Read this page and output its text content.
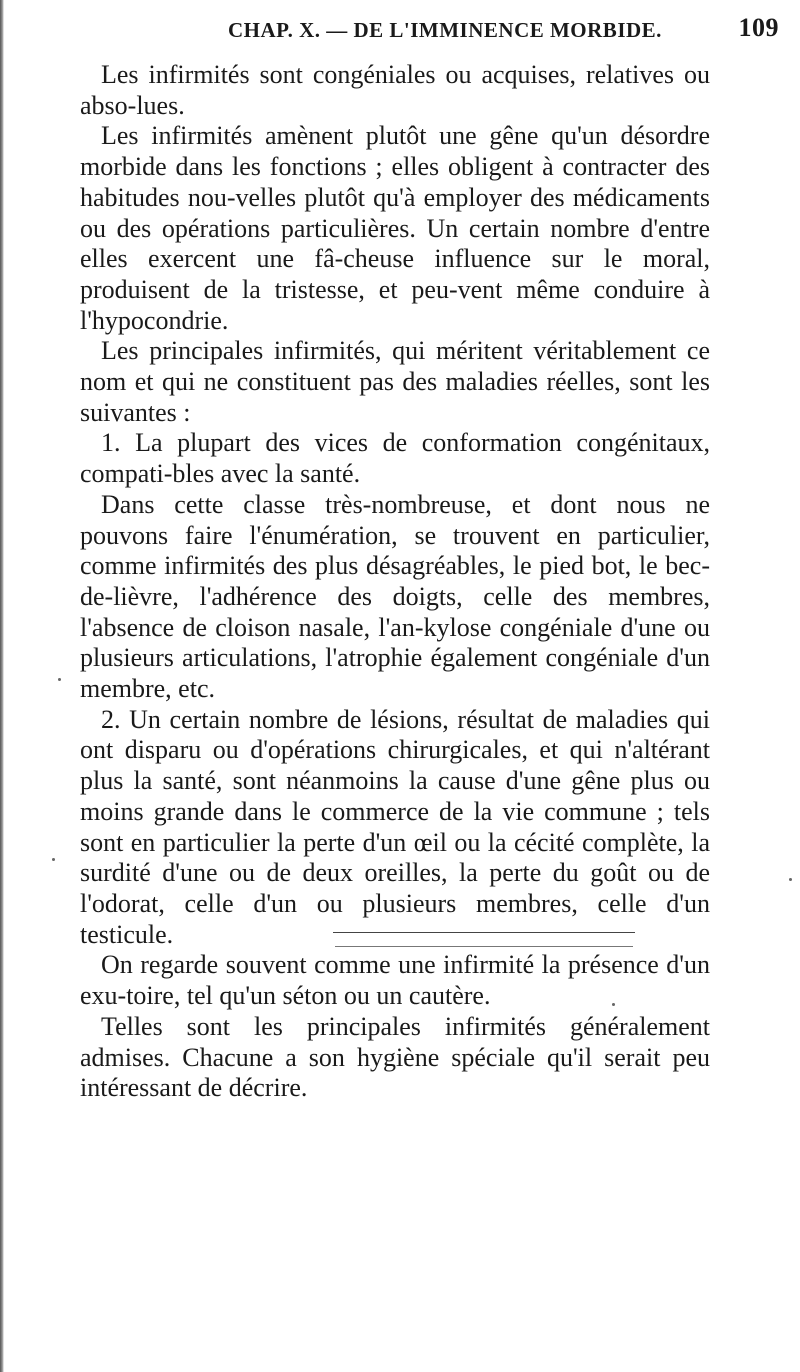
CHAP. X. — DE L'IMMINENCE MORBIDE.	109

Les infirmités sont congéniales ou acquises, relatives ou abso-lues.

Les infirmités amènent plutôt une gêne qu'un désordre morbide dans les fonctions ; elles obligent à contracter des habitudes nou-velles plutôt qu'à employer des médicaments ou des opérations particulières. Un certain nombre d'entre elles exercent une fâ-cheuse influence sur le moral, produisent de la tristesse, et peu-vent même conduire à l'hypocondrie.

Les principales infirmités, qui méritent véritablement ce nom et qui ne constituent pas des maladies réelles, sont les suivantes :

1. La plupart des vices de conformation congénitaux, compati-bles avec la santé.

Dans cette classe très-nombreuse, et dont nous ne pouvons faire l'énumération, se trouvent en particulier, comme infirmités des plus désagréables, le pied bot, le bec-de-lièvre, l'adhérence des doigts, celle des membres, l'absence de cloison nasale, l'an-kylose congéniale d'une ou plusieurs articulations, l'atrophie également congéniale d'un membre, etc.

2. Un certain nombre de lésions, résultat de maladies qui ont disparu ou d'opérations chirurgicales, et qui n'altérant plus la santé, sont néanmoins la cause d'une gêne plus ou moins grande dans le commerce de la vie commune ; tels sont en particulier la perte d'un œil ou la cécité complète, la surdité d'une ou de deux oreilles, la perte du goût ou de l'odorat, celle d'un ou plusieurs membres, celle d'un testicule.

On regarde souvent comme une infirmité la présence d'un exu-toire, tel qu'un séton ou un cautère.

Telles sont les principales infirmités généralement admises. Chacune a son hygiène spéciale qu'il serait peu intéressant de décrire.
